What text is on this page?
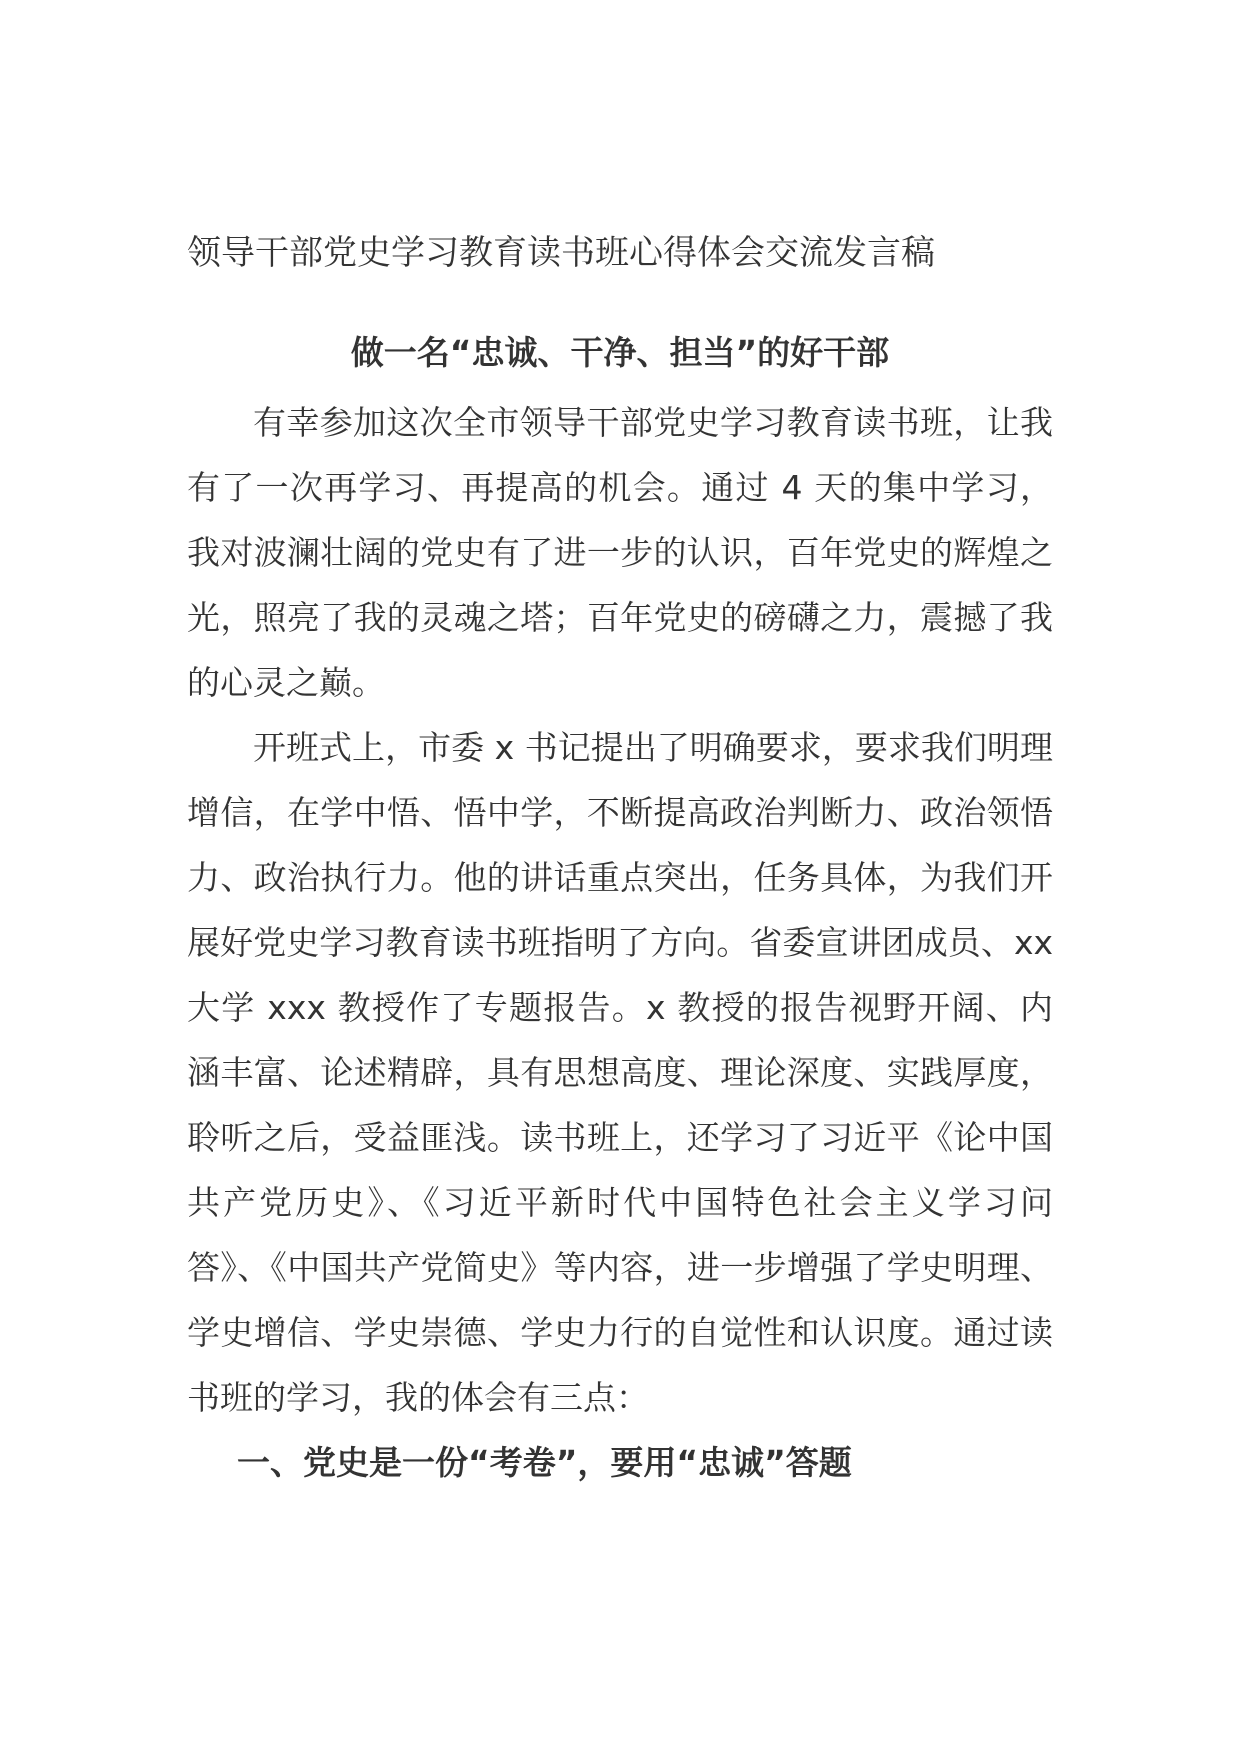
领导干部党史学习教育读书班心得体会交流发言稿
做一名“忠诚、干净、担当”的好干部

有幸参加这次全市领导干部党史学习教育读书班，让我有了一次再学习、再提高的机会。通过 4 天的集中学习，我对波澜壮阔的党史有了进一步的认识，百年党史的辉煌之光，照亮了我的灵魂之塔；百年党史的磅礴之力，震撼了我的心灵之巅。

开班式上，市委 x 书记提出了明确要求，要求我们明理增信，在学中悟、悟中学，不断提高政治判断力、政治领悟力、政治执行力。他的讲话重点突出，任务具体，为我们开展好党史学习教育读书班指明了方向。省委宣讲团成员、xx 大学 xxx 教授作了专题报告。x 教授的报告视野开阔、内涵丰富、论述精辟，具有思想高度、理论深度、实践厚度，聆听之后，受益匪浅。读书班上，还学习了习近平《论中国共产党历史》、《习近平新时代中国特色社会主义学习问答》、《中国共产党简史》等内容，进一步增强了学史明理、学史增信、学史崇德、学史力行的自觉性和认识度。通过读书班的学习，我的体会有三点：

一、党史是一份“考卷”，要用“忠诚”答题
